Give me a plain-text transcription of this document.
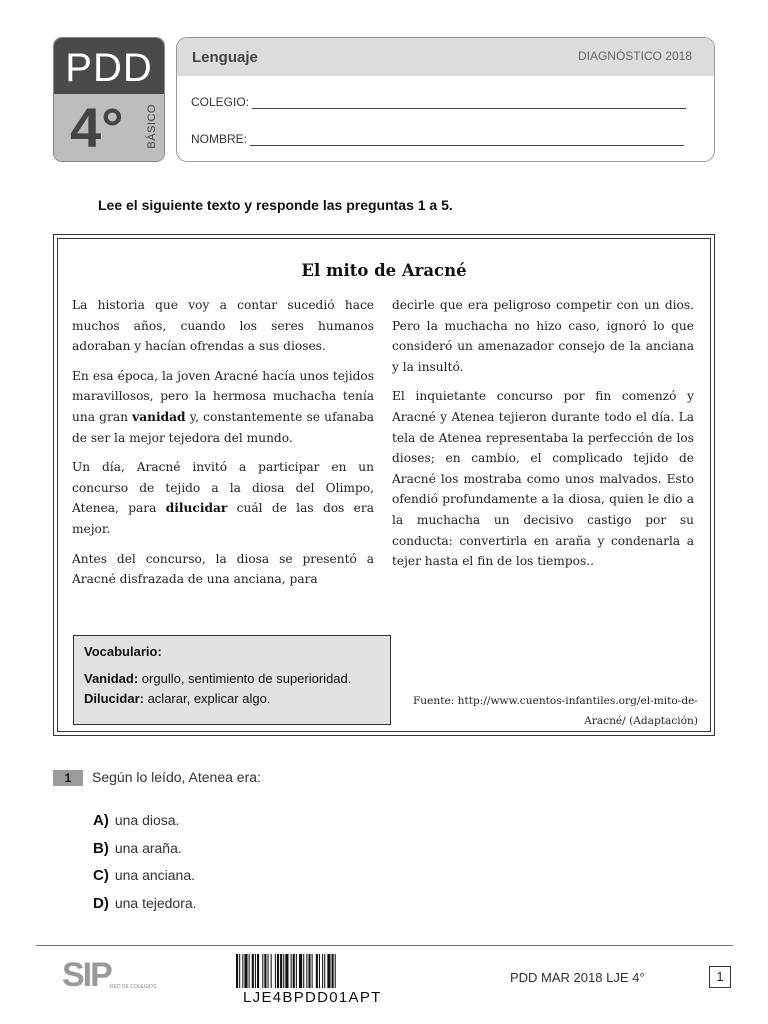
PDD
4° BÁSICO
Lenguaje	DIAGNÓSTICO 2018
COLEGIO:
NOMBRE:
Lee el siguiente texto y responde las preguntas 1 a 5.
El mito de Aracné

La historia que voy a contar sucedió hace muchos años, cuando los seres humanos adoraban y hacían ofrendas a sus dioses.

En esa época, la joven Aracné hacía unos tejidos maravillosos, pero la hermosa muchacha tenía una gran vanidad y, constantemente se ufanaba de ser la mejor tejedora del mundo.

Un día, Aracné invitó a participar en un concurso de tejido a la diosa del Olimpo, Atenea, para dilucidar cuál de las dos era mejor.

Antes del concurso, la diosa se presentó a Aracné disfrazada de una anciana, para

decirle que era peligroso competir con un dios. Pero la muchacha no hizo caso, ignoró lo que consideró un amenazador consejo de la anciana y la insultó.

El inquietante concurso por fin comenzó y Aracné y Atenea tejieron durante todo el día. La tela de Atenea representaba la perfección de los dioses; en cambio, el complicado tejido de Aracné los mostraba como unos malvados. Esto ofendió profundamente a la diosa, quien le dio a la muchacha un decisivo castigo por su conducta: convertirla en araña y condenarla a tejer hasta el fin de los tiempos..

Vocabulario:
Vanidad: orgullo, sentimiento de superioridad.
Dilucidar: aclarar, explicar algo.	Fuente: http://www.cuentos-infantiles.org/el-mito-de-Aracné/ (Adaptación)
1	Según lo leído, Atenea era:
A) una diosa.
B) una araña.
C) una anciana.
D) una tejedora.
SIP RED DE COLEGIOS
LJE4BPDD01APT
PDD MAR 2018 LJE 4°	1
